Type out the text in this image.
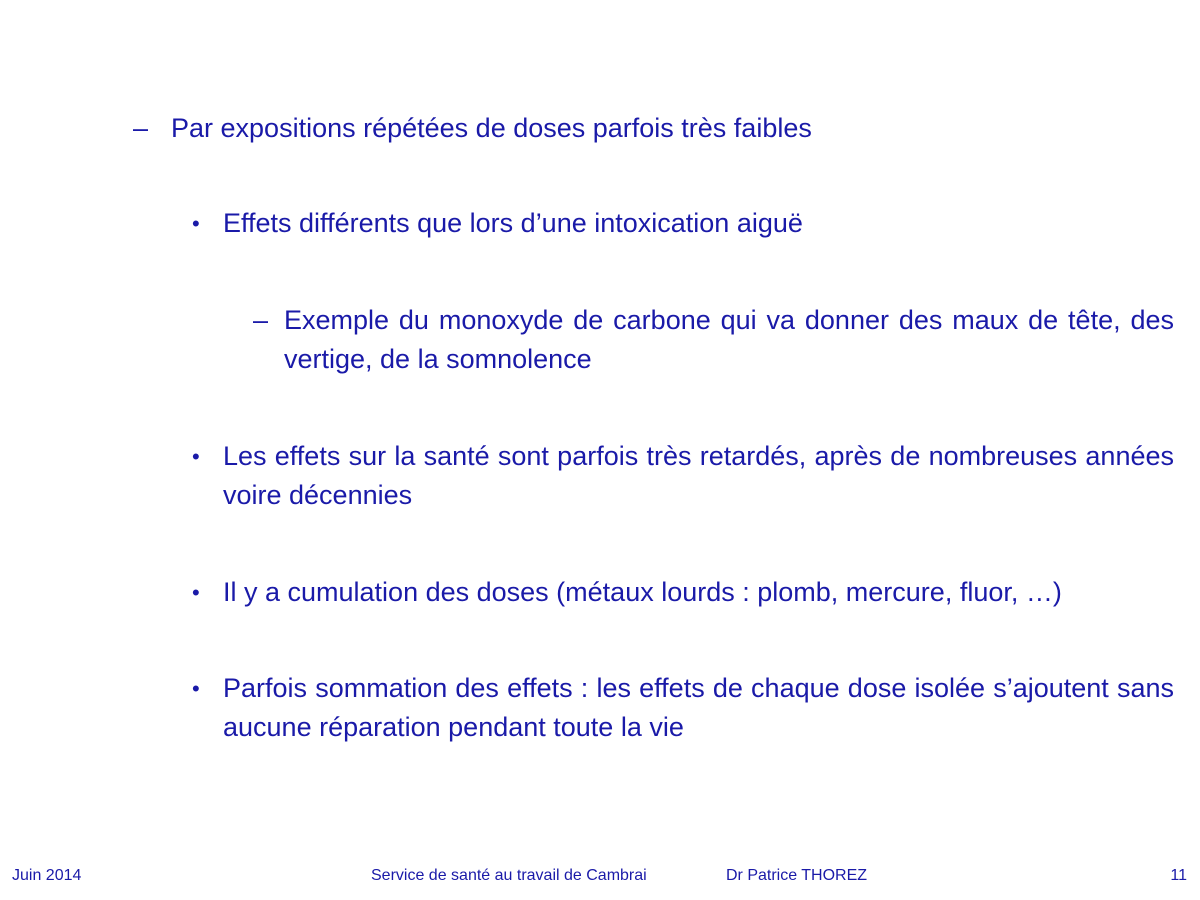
– Par expositions répétées de doses parfois très faibles
• Effets différents que lors d’une intoxication aiguë
– Exemple du monoxyde de carbone qui va donner des maux de tête, des vertige, de la somnolence
• Les effets sur la santé sont parfois très retardés, après de nombreuses années voire décennies
• Il y a cumulation des doses (métaux lourds : plomb, mercure, fluor, …)
• Parfois sommation des effets : les effets de chaque dose isolée s’ajoutent sans aucune réparation pendant toute la vie
Juin 2014	Service de santé au travail de Cambrai	Dr Patrice THOREZ	11
